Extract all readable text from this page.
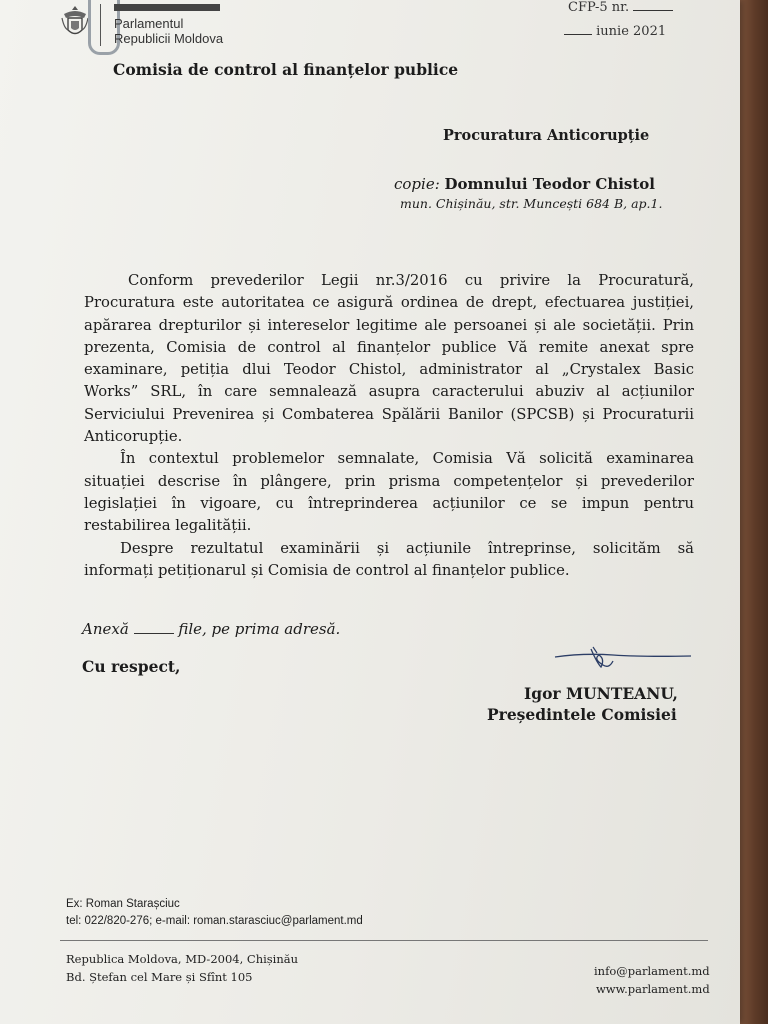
Parlamentul
Republicii Moldova
CFP-5 nr.
iunie 2021
Comisia de control al finanțelor publice
Procuratura Anticorupție
copie: Domnului Teodor Chistol
mun. Chișinău, str. Muncești 684 B, ap.1.

Conform prevederilor Legii nr.3/2016 cu privire la Procuratură,
Procuratura este autoritatea ce asigură ordinea de drept, efectuarea justiției,
apărarea drepturilor și intereselor legitime ale persoanei și ale societății. Prin
prezenta, Comisia de control al finanțelor publice Vă remite anexat spre
examinare, petiția dlui Teodor Chistol, administrator al „Crystalex Basic
Works” SRL, în care semnalează asupra caracterului abuziv al acțiunilor
Serviciului Prevenirea și Combaterea Spălării Banilor (SPCSB) și Procuraturii
Anticorupție.

În contextul problemelor semnalate, Comisia Vă solicită examinarea
situației descrise în plângere, prin prisma competențelor și prevederilor
legislației în vigoare, cu întreprinderea acțiunilor ce se impun pentru
restabilirea legalității.

Despre rezultatul examinării și acțiunile întreprinse, solicităm să
informați petiționarul și Comisia de control al finanțelor publice.

Anexă	file, pe prima adresă.
Cu respect,
Igor MUNTEANU,
Președintele Comisiei
Ex: Roman Starașciuc
tel: 022/820-276; e-mail: roman.starasciuc@parlament.md
Republica Moldova, MD-2004, Chișinău
Bd. Ștefan cel Mare și Sfînt 105	info@parlament.md
www.parlament.md
